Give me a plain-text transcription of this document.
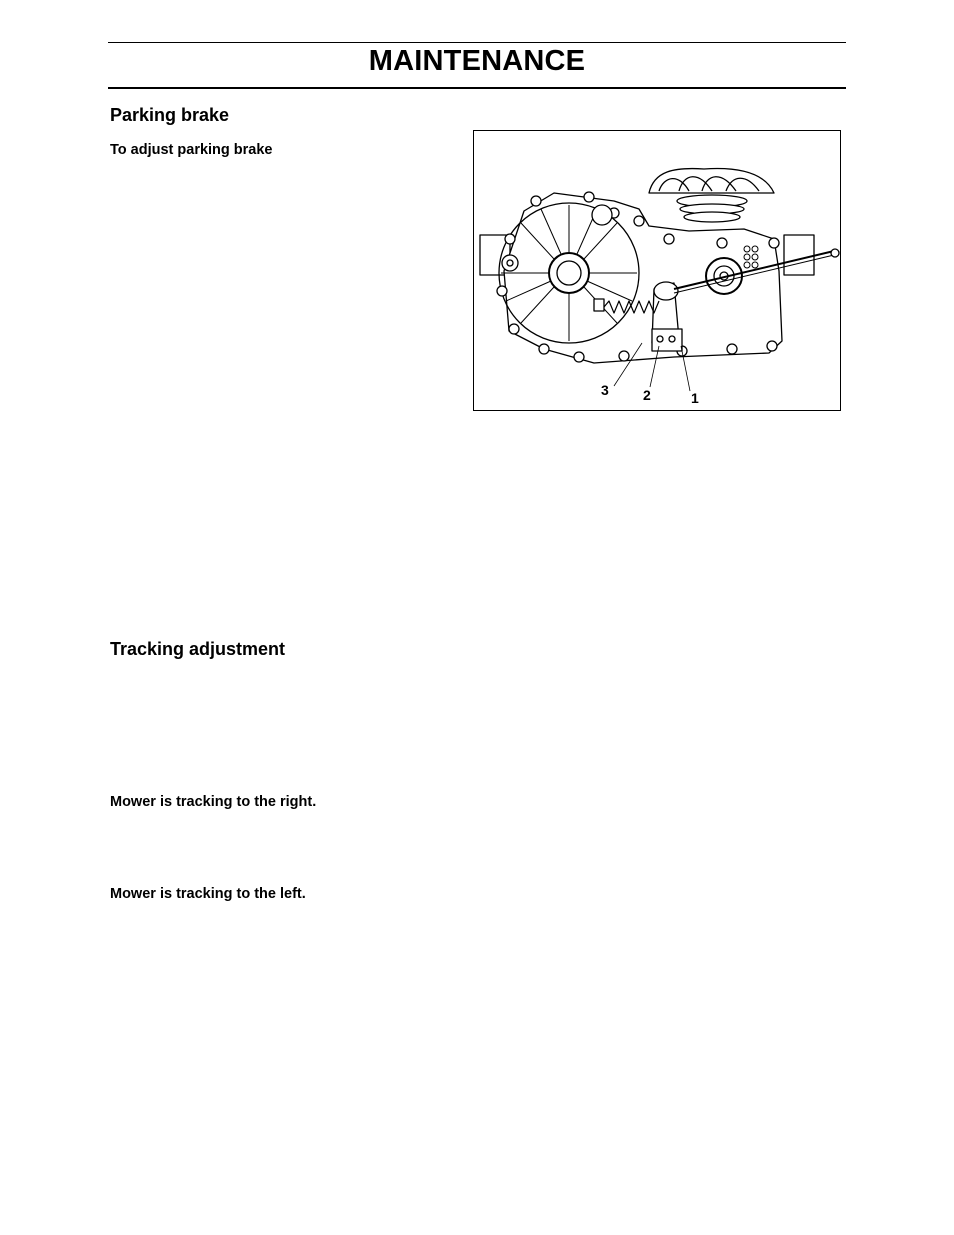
MAINTENANCE
Parking brake
To adjust parking brake
3 2	1
Tracking adjustment
Mower is tracking to the right.
Mower is tracking to the left.
